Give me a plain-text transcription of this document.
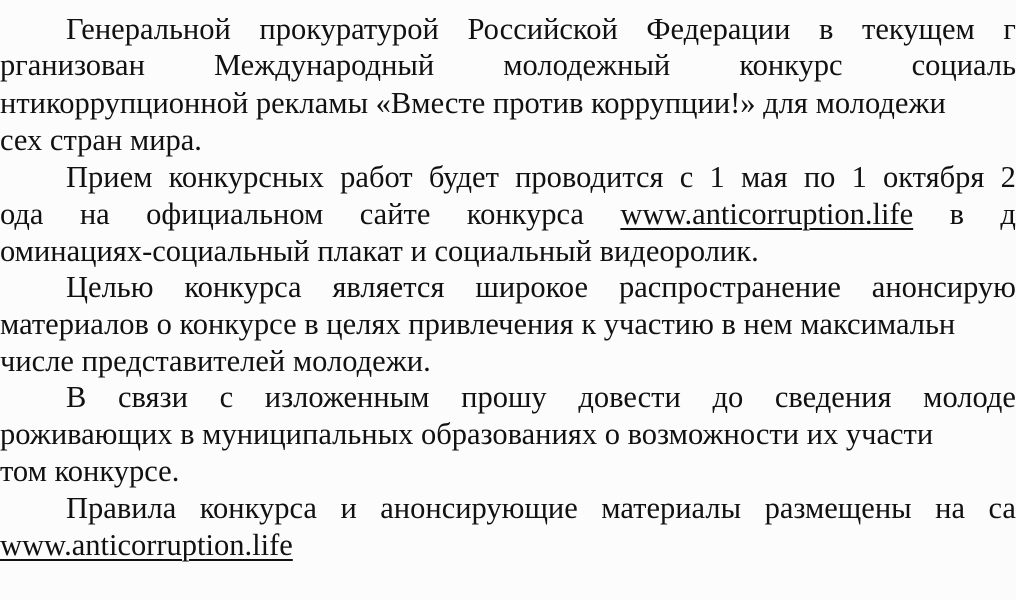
Генеральной прокуратурой Российской Федерации в текущем г
рганизован Международный молодежный конкурс социаль
нтикоррупционной рекламы «Вместе против коррупции!» для молодежи
сех стран мира.
Прием конкурсных работ будет проводится с 1 мая по 1 октября 2
ода на официальном сайте конкурса www.anticorruption.life в д
оминациях-социальный плакат и социальный видеоролик.
Целью конкурса является широкое распространение анонсирую
материалов о конкурсе в целях привлечения к участию в нем максимальн
числе представителей молодежи.
В связи с изложенным прошу довести до сведения молоде
роживающих в муниципальных образованиях о возможности их участи
том конкурсе.
Правила конкурса и анонсирующие материалы размещены на са
www.anticorruption.life
